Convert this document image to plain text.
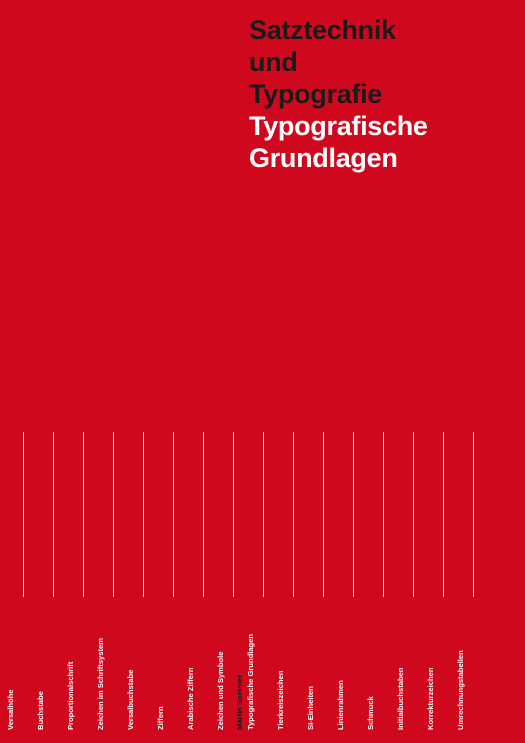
Satztechnik
und
Typografie
Typografische
Grundlagen
Versalhöhe	Buchstabe	Proportionalschrift	Zeichen im Schriftsystem	Versalbuchstabe	Ziffern	Arabische Ziffern	Zeichen und Symbole Martin Sommer Typografische Grundlagen	Tierkreiszeichen	SI-Einheiten	Linienrahmen	Schmuck	Initialbuchstaben	Korrekturzeichen	Umrechnungstabellen
